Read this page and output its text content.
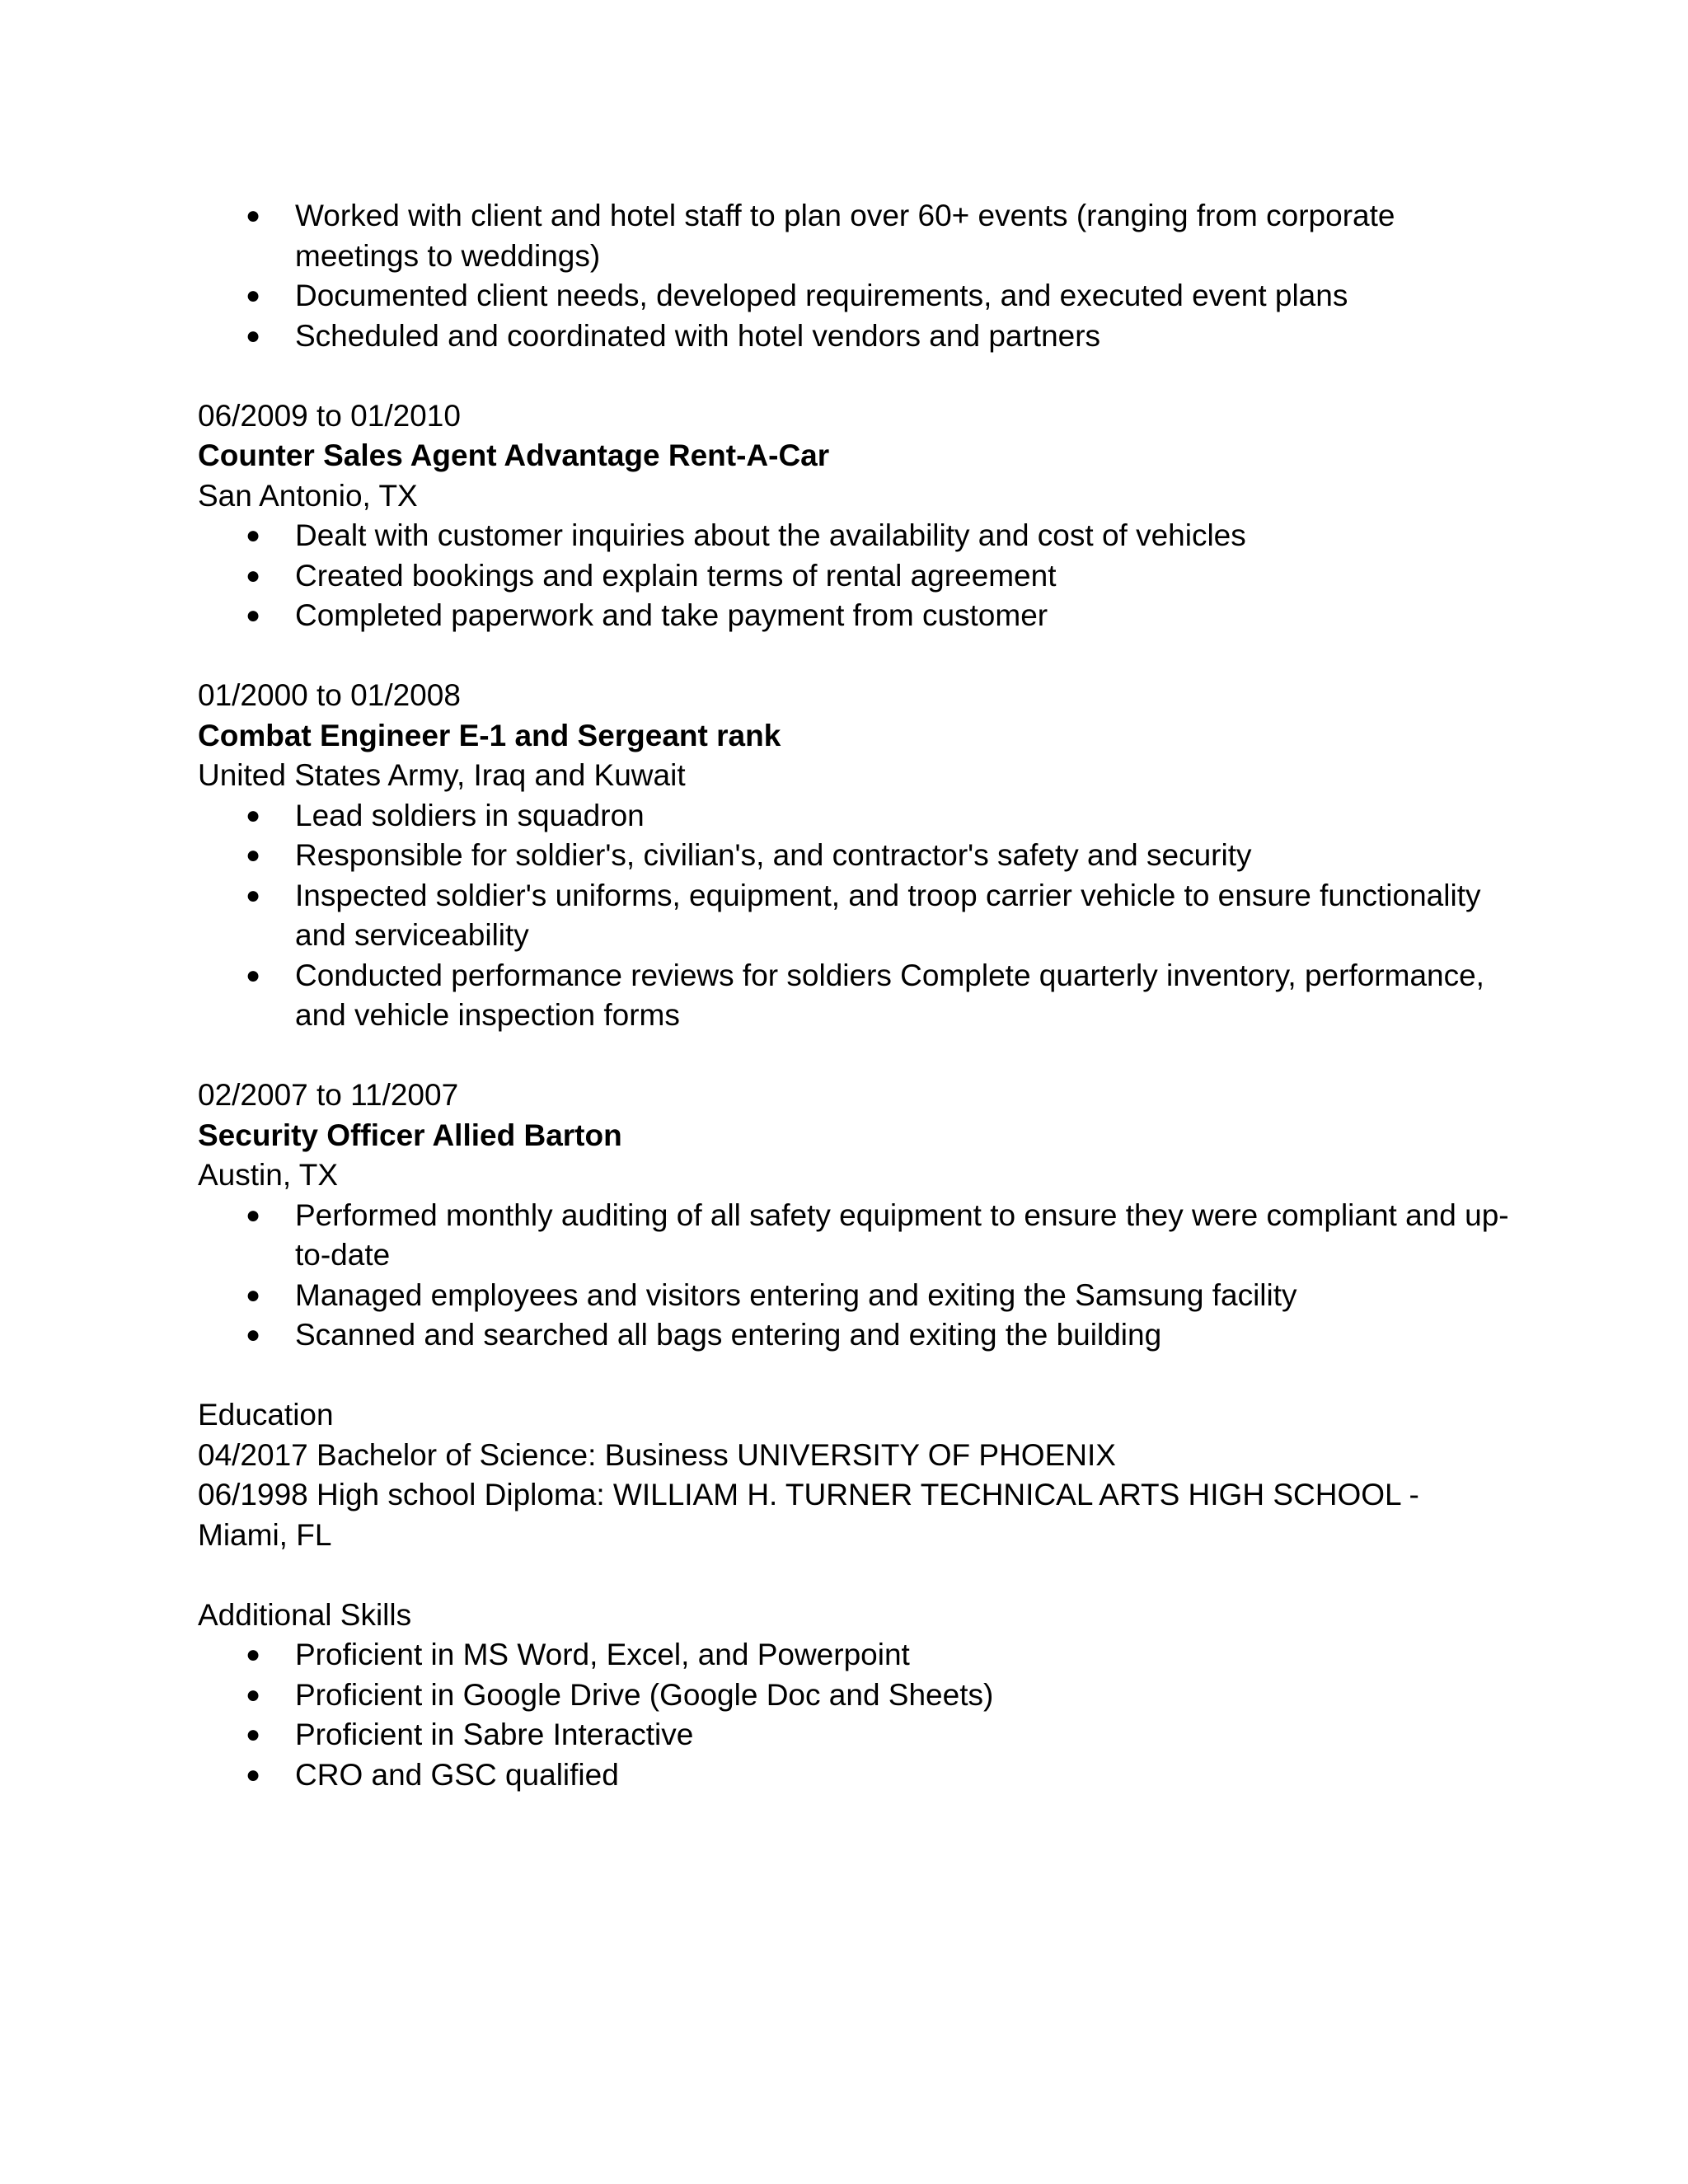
● Worked with client and hotel staff to plan over 60+ events (ranging from corporate meetings to weddings)
● Documented client needs, developed requirements, and executed event plans
● Scheduled and coordinated with hotel vendors and partners
06/2009 to 01/2010
Counter Sales Agent Advantage Rent-A-Car
San Antonio, TX
● Dealt with customer inquiries about the availability and cost of vehicles
● Created bookings and explain terms of rental agreement
● Completed paperwork and take payment from customer
01/2000 to 01/2008
Combat Engineer E-1 and Sergeant rank
United States Army, Iraq and Kuwait
● Lead soldiers in squadron
● Responsible for soldier's, civilian's, and contractor's safety and security
● Inspected soldier's uniforms, equipment, and troop carrier vehicle to ensure functionality and serviceability
● Conducted performance reviews for soldiers Complete quarterly inventory, performance, and vehicle inspection forms
02/2007 to 11/2007
Security Officer Allied Barton
Austin, TX
● Performed monthly auditing of all safety equipment to ensure they were compliant and up-to-date
● Managed employees and visitors entering and exiting the Samsung facility
● Scanned and searched all bags entering and exiting the building
Education
04/2017 Bachelor of Science: Business UNIVERSITY OF PHOENIX
06/1998 High school Diploma: WILLIAM H. TURNER TECHNICAL ARTS HIGH SCHOOL - Miami, FL
Additional Skills
● Proficient in MS Word, Excel, and Powerpoint
● Proficient in Google Drive (Google Doc and Sheets)
● Proficient in Sabre Interactive
● CRO and GSC qualified
